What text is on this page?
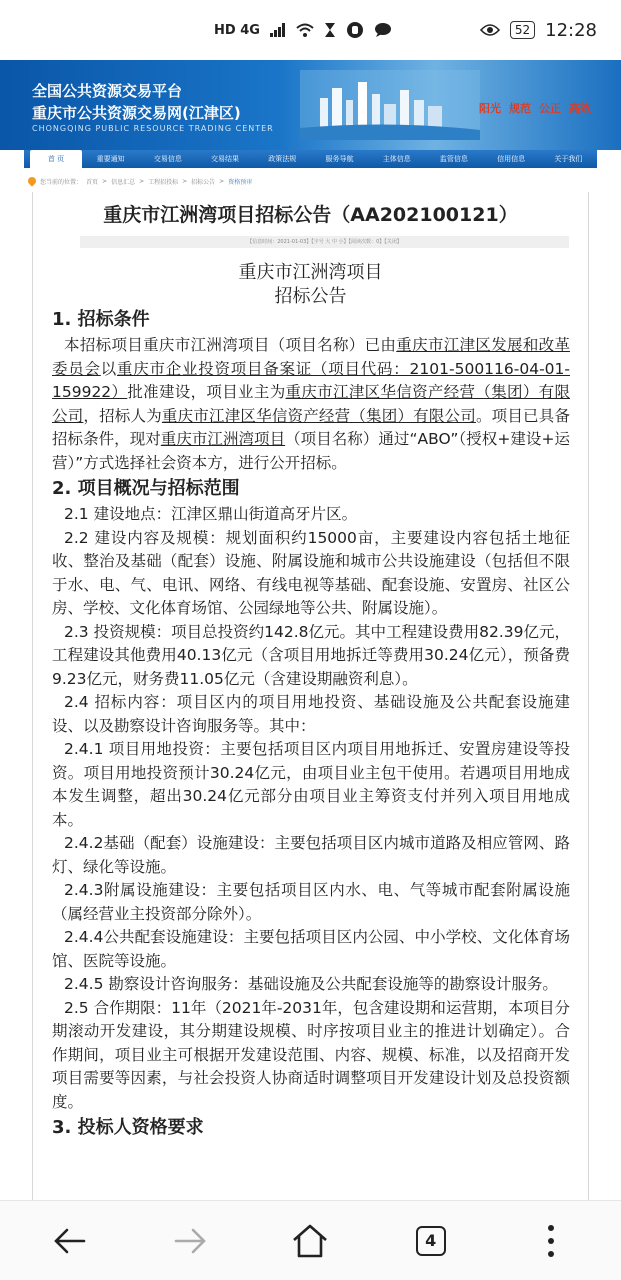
HD 4G	52 12:28
全国公共资源交易平台
重庆市公共资源交易网(江津区)
CHONGQING PUBLIC RESOURCE TRADING CENTER
阳光 规范 公正 高效
首 页	重要通知	交易信息	交易结果	政策法规	服务导航	主体信息	监管信息	信用信息	关于我们
您当前的位置： 首页 > 信息汇总 > 工程招投标 > 招标公告 > 资格预审
重庆市江洲湾项目招标公告（AA202100121）
【信息时间：2021-01-03】【字号 大 中 小】【阅读次数：0】【关闭】
重庆市江洲湾项目
招标公告
1. 招标条件
本招标项目重庆市江洲湾项目（项目名称）已由重庆市江津区发展和改革委员会以重庆市企业投资项目备案证（项目代码：2101-500116-04-01-159922）批准建设，项目业主为重庆市江津区华信资产经营（集团）有限公司，招标人为重庆市江津区华信资产经营（集团）有限公司。项目已具备招标条件，现对重庆市江洲湾项目（项目名称）通过“ABO”（授权+建设+运营）”方式选择社会资本方，进行公开招标。
2. 项目概况与招标范围
2.1 建设地点：江津区鼎山街道高牙片区。
2.2 建设内容及规模：规划面积约15000亩，主要建设内容包括土地征收、整治及基础（配套）设施、附属设施和城市公共设施建设（包括但不限于水、电、气、电讯、网络、有线电视等基础、配套设施、安置房、社区公房、学校、文化体育场馆、公园绿地等公共、附属设施）。
2.3 投资规模：项目总投资约142.8亿元。其中工程建设费用82.39亿元，工程建设其他费用40.13亿元（含项目用地拆迁等费用30.24亿元），预备费9.23亿元，财务费11.05亿元（含建设期融资利息）。
2.4 招标内容：项目区内的项目用地投资、基础设施及公共配套设施建设、以及勘察设计咨询服务等。其中：
2.4.1 项目用地投资：主要包括项目区内项目用地拆迁、安置房建设等投资。项目用地投资预计30.24亿元，由项目业主包干使用。若遇项目用地成本发生调整，超出30.24亿元部分由项目业主筹资支付并列入项目用地成本。
2.4.2基础（配套）设施建设：主要包括项目区内城市道路及相应管网、路灯、绿化等设施。
2.4.3附属设施建设：主要包括项目区内水、电、气等城市配套附属设施（属经营业主投资部分除外）。
2.4.4公共配套设施建设：主要包括项目区内公园、中小学校、文化体育场馆、医院等设施。
2.4.5 勘察设计咨询服务：基础设施及公共配套设施等的勘察设计服务。
2.5 合作期限：11年（2021年-2031年，包含建设期和运营期，本项目分期滚动开发建设，其分期建设规模、时序按项目业主的推进计划确定）。合作期间，项目业主可根据开发建设范围、内容、规模、标准，以及招商开发项目需要等因素，与社会投资人协商适时调整项目开发建设计划及总投资额度。
3. 投标人资格要求
4
